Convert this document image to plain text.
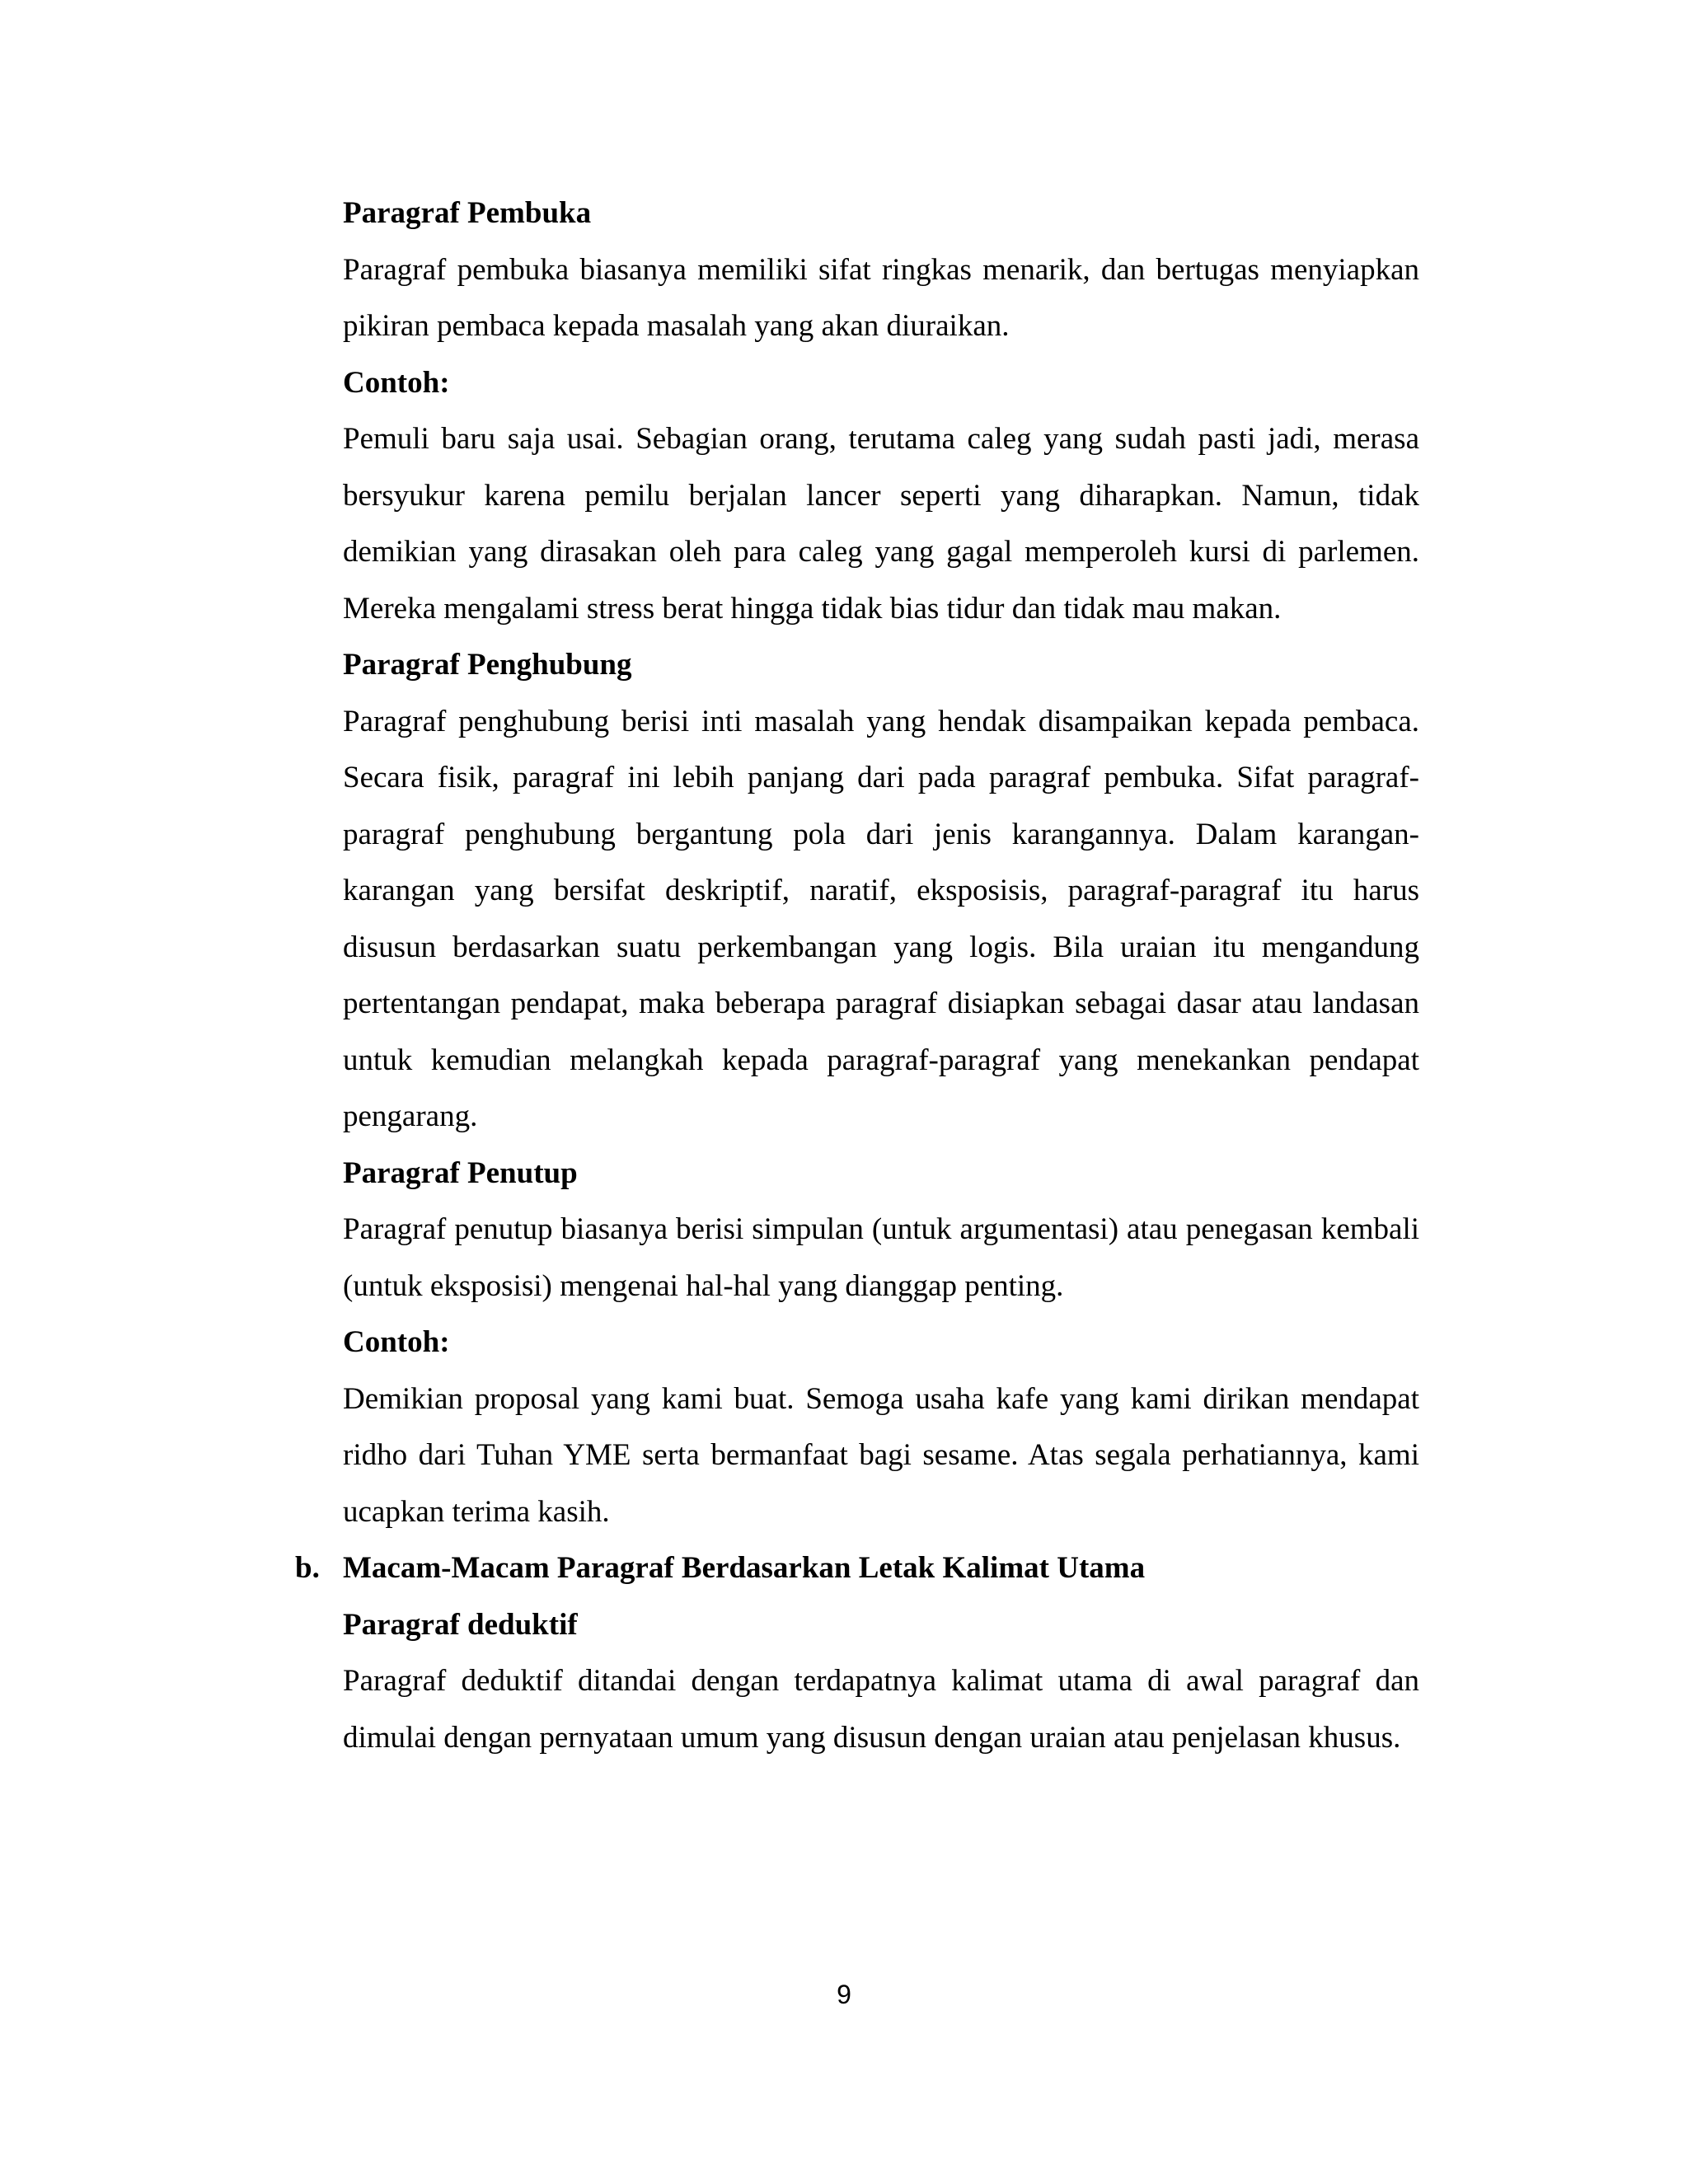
Paragraf Pembuka

Paragraf pembuka biasanya memiliki sifat ringkas menarik, dan bertugas menyiapkan pikiran pembaca kepada masalah yang akan diuraikan.

Contoh:

Pemuli baru saja usai. Sebagian orang, terutama caleg yang sudah pasti jadi, merasa bersyukur karena pemilu berjalan lancer seperti yang diharapkan. Namun, tidak demikian yang dirasakan oleh para caleg yang gagal memperoleh kursi di parlemen. Mereka mengalami stress berat hingga tidak bias tidur dan tidak mau makan.

Paragraf Penghubung

Paragraf penghubung berisi inti masalah yang hendak disampaikan kepada pembaca. Secara fisik, paragraf ini lebih panjang dari pada paragraf pembuka. Sifat paragraf-paragraf penghubung bergantung pola dari jenis karangannya. Dalam karangan-karangan yang bersifat deskriptif, naratif, eksposisis, paragraf-paragraf itu harus disusun berdasarkan suatu perkembangan yang logis. Bila uraian itu mengandung pertentangan pendapat, maka beberapa paragraf disiapkan sebagai dasar atau landasan untuk kemudian melangkah kepada paragraf-paragraf yang menekankan pendapat pengarang.

Paragraf Penutup

Paragraf penutup biasanya berisi simpulan (untuk argumentasi) atau penegasan kembali (untuk eksposisi) mengenai hal-hal yang dianggap penting.

Contoh:

Demikian proposal yang kami buat. Semoga usaha kafe yang kami dirikan mendapat ridho dari Tuhan YME serta bermanfaat bagi sesame. Atas segala perhatiannya, kami ucapkan terima kasih.

b. Macam-Macam Paragraf Berdasarkan Letak Kalimat Utama

Paragraf deduktif

Paragraf deduktif ditandai dengan terdapatnya kalimat utama di awal paragraf dan dimulai dengan pernyataan umum yang disusun dengan uraian atau penjelasan khusus.

9
